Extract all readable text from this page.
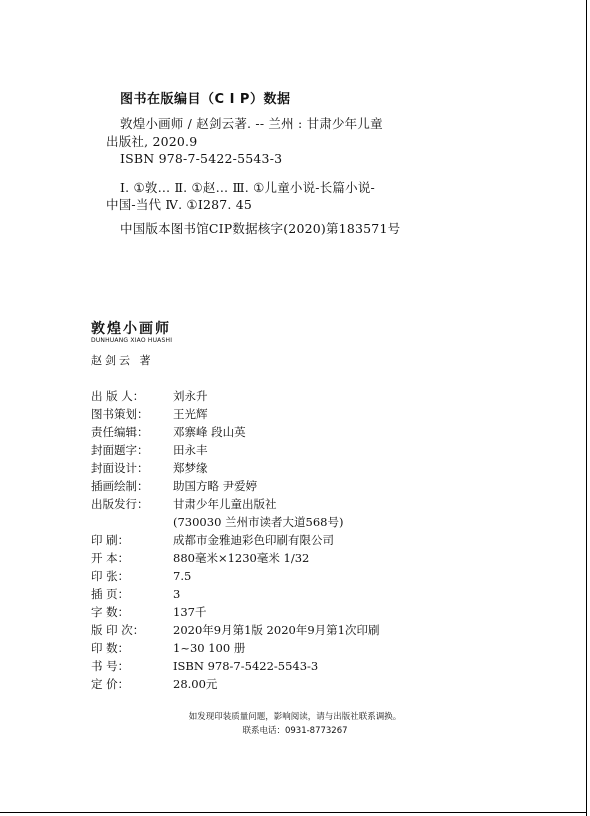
图书在版编目（C I P）数据
敦煌小画师 / 赵剑云著. -- 兰州 : 甘肃少年儿童
出版社, 2020.9
ISBN 978-7-5422-5543-3
Ⅰ. ①敦… Ⅱ. ①赵… Ⅲ. ①儿童小说-长篇小说-
中国-当代 Ⅳ. ①I287. 45
中国版本图书馆CIP数据核字(2020)第183571号
敦煌小画师
DUNHUANG XIAO HUASHI
赵剑云 著
出 版 人： 刘永升
图书策划： 王光辉
责任编辑： 邓寨峰 段山英
封面题字： 田永丰
封面设计： 郑梦缘
插画绘制： 助国方略 尹爱婷
出版发行： 甘肃少年儿童出版社
(730030 兰州市读者大道568号)
印 刷：	成都市金雅迪彩色印刷有限公司
开 本：	880毫米×1230毫米 1/32
印 张：	7.5
插 页：	3
字 数：	137千
版 印 次： 2020年9月第1版 2020年9月第1次印刷
印 数：	1~30 100 册
书 号：	ISBN 978-7-5422-5543-3
定 价：	28.00元
如发现印装质量问题，影响阅读，请与出版社联系调换。
联系电话：0931-8773267
